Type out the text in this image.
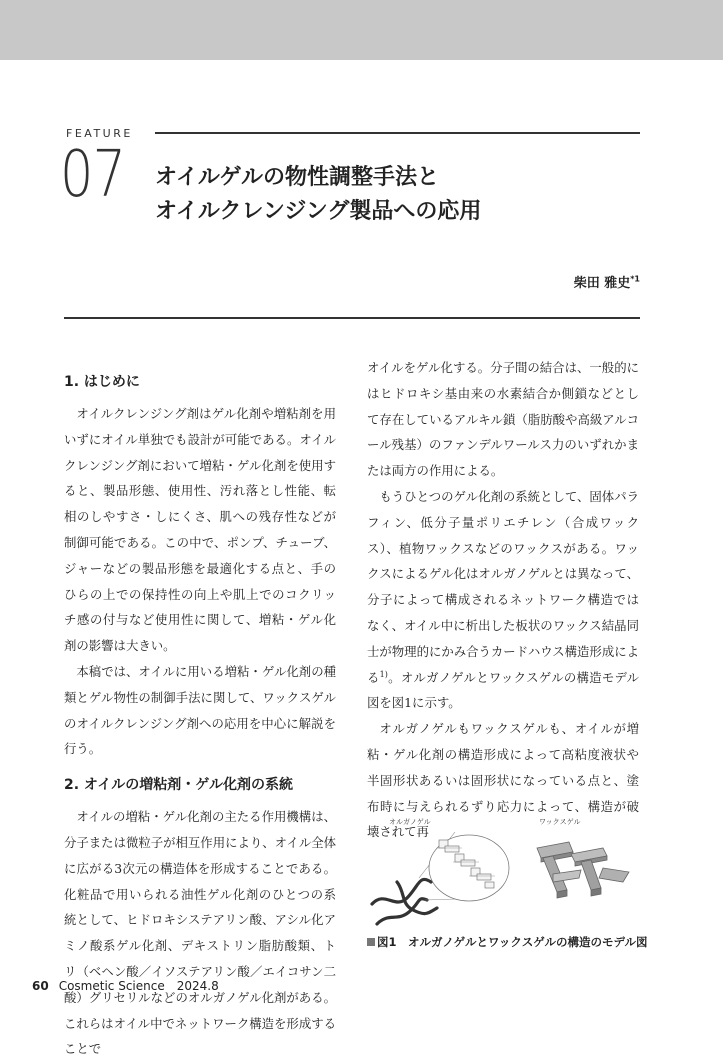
FEATURE
07 オイルゲルの物性調整手法と
オイルクレンジング製品への応用
柴田 雅史$^{*1}$
1. はじめに

オイルクレンジング剤はゲル化剤や増粘剤を用いずにオイル単独でも設計が可能である。オイルクレンジング剤において増粘・ゲル化剤を使用すると、製品形態、使用性、汚れ落とし性能、転相のしやすさ・しにくさ、肌への残存性などが制御可能である。この中で、ポンプ、チューブ、ジャーなどの製品形態を最適化する点と、手のひらの上での保持性の向上や肌上でのコクリッチ感の付与など使用性に関して、増粘・ゲル化剤の影響は大きい。

本稿では、オイルに用いる増粘・ゲル化剤の種類とゲル物性の制御手法に関して、ワックスゲルのオイルクレンジング剤への応用を中心に解説を行う。

2. オイルの増粘剤・ゲル化剤の系統

オイルの増粘・ゲル化剤の主たる作用機構は、分子または微粒子が相互作用により、オイル全体に広がる3次元の構造体を形成することである。化粧品で用いられる油性ゲル化剤のひとつの系統として、ヒドロキシステアリン酸、アシル化アミノ酸系ゲル化剤、デキストリン脂肪酸類、トリ（ベヘン酸／イソステアリン酸／エイコサン二酸）グリセリルなどのオルガノゲル化剤がある。これらはオイル中でネットワーク構造を形成することで

オイルをゲル化する。分子間の結合は、一般的にはヒドロキシ基由来の水素結合か側鎖などとして存在しているアルキル鎖（脂肪酸や高級アルコール残基）のファンデルワールス力のいずれかまたは両方の作用による。

もうひとつのゲル化剤の系統として、固体パラフィン、低分子量ポリエチレン（合成ワックス）、植物ワックスなどのワックスがある。ワックスによるゲル化はオルガノゲルとは異なって、分子によって構成されるネットワーク構造ではなく、オイル中に析出した板状のワックス結晶同士が物理的にかみ合うカードハウス構造形成による$^{1)}$。オルガノゲルとワックスゲルの構造モデル図を図1に示す。

オルガノゲルもワックスゲルも、オイルが増粘・ゲル化剤の構造形成によって高粘度液状や半固形状あるいは固形状になっている点と、塗布時に与えられるずり応力によって、構造が破壊されて再

オルガノゲル	ワックスゲル
図1　 オルガノゲルとワックスゲルの構造のモデル図
60 Cosmetic Science　2024.8
